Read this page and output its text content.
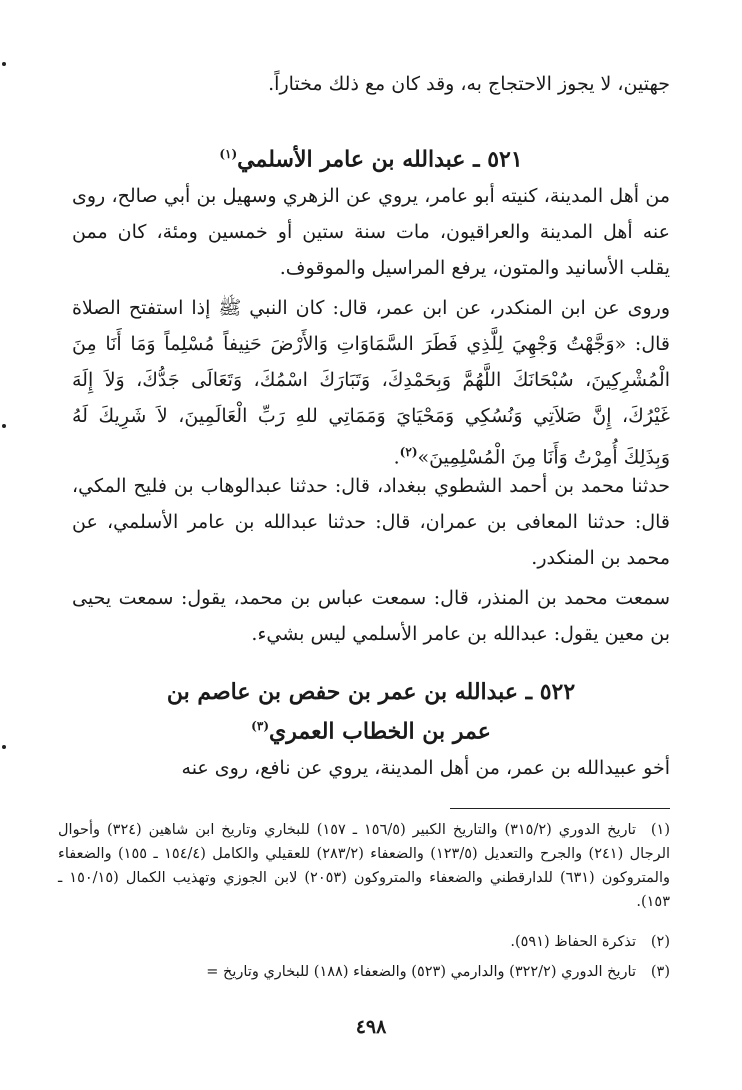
جهتين، لا يجوز الاحتجاج به، وقد كان مع ذلك مختاراً.

٥٢١ ـ عبدالله بن عامر الأسلمي$^{(١)}$

من أهل المدينة، كنيته أبو عامر، يروي عن الزهري وسهيل بن أبي صالح، روى عنه أهل المدينة والعراقيون، مات سنة ستين أو خمسين ومئة، كان ممن يقلب الأسانيد والمتون، يرفع المراسيل والموقوف.

وروى عن ابن المنكدر، عن ابن عمر، قال: كان النبي ﷺ إذا استفتح الصلاة قال: «وَجَّهْتُ وَجْهِيَ لِلَّذِي فَطَرَ السَّمَاوَاتِ وَالأَرْضَ حَنِيفاً مُسْلِماً وَمَا أَنَا مِنَ الْمُشْرِكِينَ، سُبْحَانَكَ اللَّهُمَّ وَبِحَمْدِكَ، وَتَبَارَكَ اسْمُكَ، وَتَعَالَى جَدُّكَ، وَلاَ إِلَهَ غَيْرُكَ، إِنَّ صَلاَتِي وَنُسُكِي وَمَحْيَايَ وَمَمَاتِي للهِ رَبِّ الْعَالَمِينَ، لاَ شَرِيكَ لَهُ وَبِذَلِكَ أُمِرْتُ وَأَنَا مِنَ الْمُسْلِمِينَ»$^{(٢)}$.

حدثنا محمد بن أحمد الشطوي ببغداد، قال: حدثنا عبدالوهاب بن فليح المكي، قال: حدثنا المعافى بن عمران، قال: حدثنا عبدالله بن عامر الأسلمي، عن محمد بن المنكدر.

سمعت محمد بن المنذر، قال: سمعت عباس بن محمد، يقول: سمعت يحيى بن معين يقول: عبدالله بن عامر الأسلمي ليس بشيء.

٥٢٢ ـ عبدالله بن عمر بن حفص بن عاصم بن
عمر بن الخطاب العمري$^{(٣)}$

أخو عبيدالله بن عمر، من أهل المدينة، يروي عن نافع، روى عنه

(١)تاريخ الدوري (٣١٥/٢) والتاريخ الكبير (١٥٦/٥ ـ ١٥٧) للبخاري وتاريخ ابن شاهين (٣٢٤) وأحوال الرجال (٢٤١) والجرح والتعديل (١٢٣/٥) والضعفاء (٢٨٣/٢) للعقيلي والكامل (١٥٤/٤ ـ ١٥٥) والضعفاء والمتروكون (٦٣١) للدارقطني والضعفاء والمتروكون (٢٠٥٣) لابن الجوزي وتهذيب الكمال (١٥٠/١٥ ـ ١٥٣).

(٢)تذكرة الحفاظ (٥٩١).

(٣)تاريخ الدوري (٣٢٢/٢) والدارمي (٥٢٣) والضعفاء (١٨٨) للبخاري وتاريخ =

٤٩٨
